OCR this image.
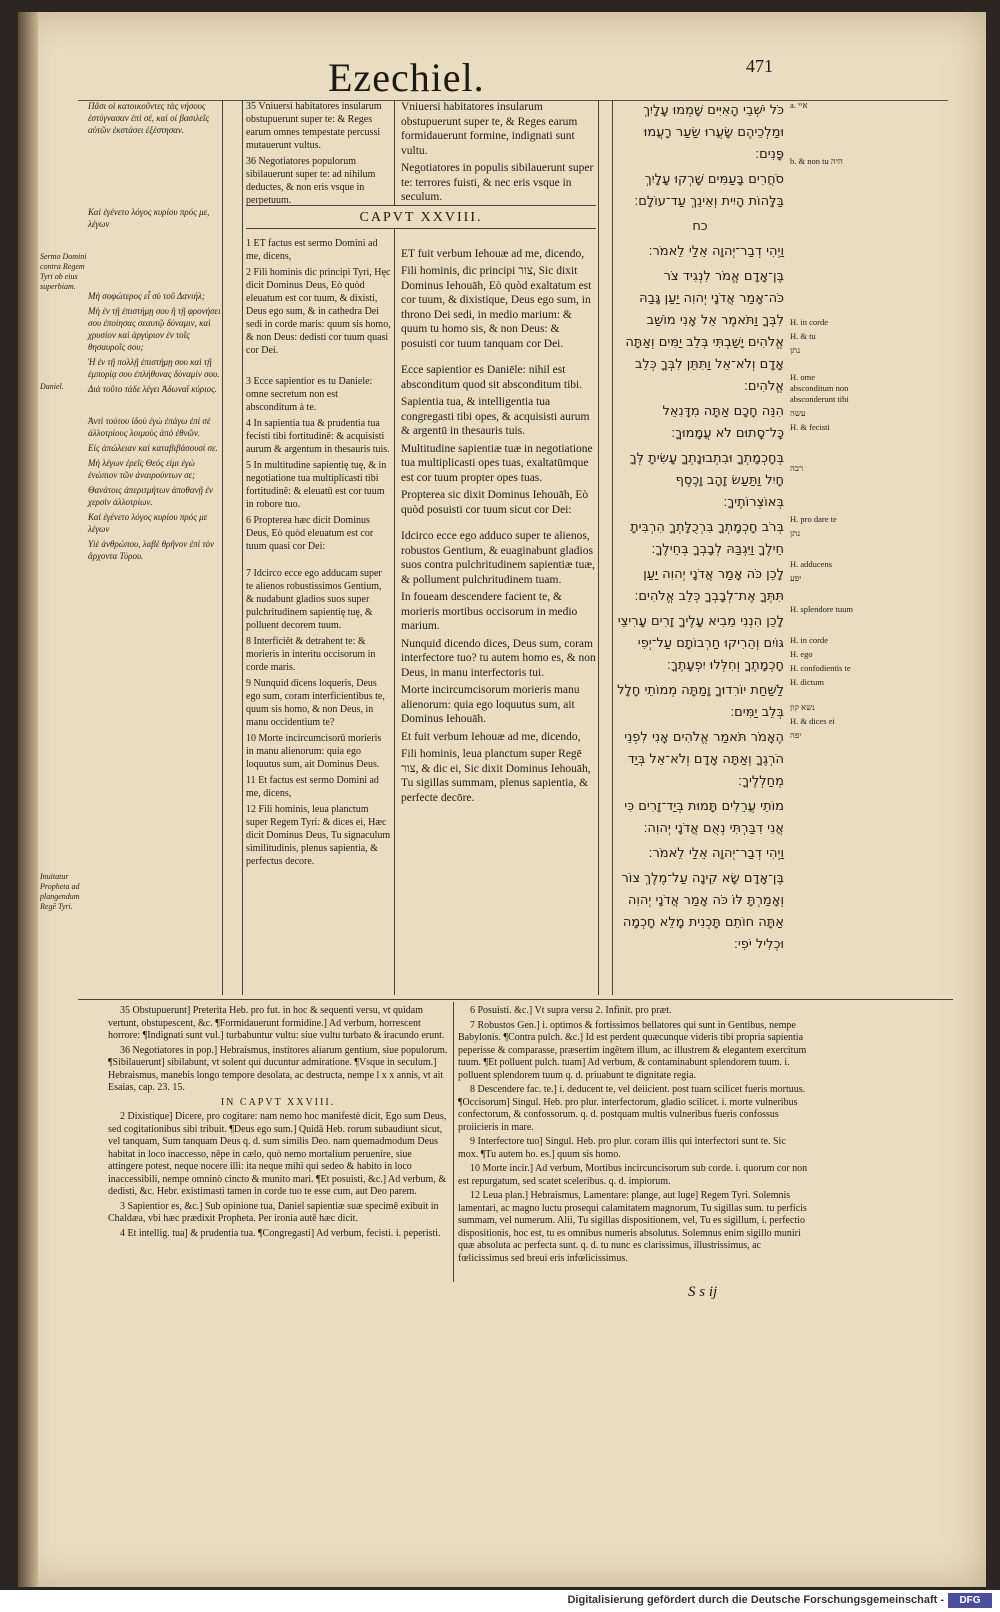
Ezechiel.	471

Sermo Domini contra Regem Tyri ob eius superbiam.

Daniel.

Inuitatur Propheta ad plangendum Regē Tyri.

Πᾶσι οἱ κατοικοῦντες τὰς νήσους ἐστύγνασαν ἐπὶ σέ, καὶ οἱ βασιλεῖς αὐτῶν ἐκστάσει ἐξέστησαν.

Καὶ ἐγένετο λόγος κυρίου πρός με, λέγων

Μὴ σοφώτερος εἶ σὺ τοῦ Δανιήλ;

Μὴ ἐν τῇ ἐπιστήμῃ σου ἢ τῇ φρονήσει σου ἐποίησας σεαυτῷ δύναμιν, καὶ χρυσίον καὶ ἀργύριον ἐν τοῖς θησαυροῖς σου;

Ἡ ἐν τῇ πολλῇ ἐπιστήμῃ σου καὶ τῇ ἐμπορίᾳ σου ἐπλήθυνας δύναμίν σου.

Διὰ τοῦτο τάδε λέγει Ἀδωναΐ κύριος.

Ἀντὶ τούτου ἰδοὺ ἐγὼ ἐπάγω ἐπὶ σὲ ἀλλοτρίους λοιμοὺς ἀπὸ ἐθνῶν.

Εἰς ἀπώλειαν καὶ καταβιβάσουσί σε.

Μὴ λέγων ἐρεῖς Θεός εἰμι ἐγὼ ἐνώπιον τῶν ἀναιρούντων σε;

Θανάτοις ἀπεριτμήτων ἀποθανῇ ἐν χερσὶν ἀλλοτρίων.

Καὶ ἐγένετο λόγος κυρίου πρός με λέγων

Υἱὲ ἀνθρώπου, λαβὲ θρῆνον ἐπὶ τὸν ἄρχοντα Τύρου.

35 Vniuersi habitatores insularum obstupuerunt super te: & Reges earum omnes tempestate percussi mutauerunt vultus.

36 Negotiatores populorum sibilauerunt super te: ad nihilum deductes, & non eris vsque in perpetuum.

1 ET factus est sermo Domini ad me, dicens,

2 Fili hominis dic principi Tyri, Hęc dicit Dominus Deus, Eò quòd eleuatum est cor tuum, & dixisti, Deus ego sum, & in cathedra Dei sedi in corde maris: quum sis homo, & non Deus: dedisti cor tuum quasi cor Dei.

3 Ecce sapientior es tu Daniele: omne secretum non est absconditum à te.

4 In sapientia tua & prudentia tua fecisti tibi fortitudinē: & acquisisti aurum & argentum in thesauris tuis.

5 In multitudine sapientię tuę, & in negotiatione tua multiplicasti tibi fortitudinē: & eleuatū est cor tuum in robore tuo.

6 Propterea hæc dicit Dominus Deus, Eò quòd eleuatum est cor tuum quasi cor Dei:

7 Idcirco ecce ego adducam super te alienos robustissimos Gentium, & nudabunt gladios suos super pulchritudinem sapientię tuę, & polluent decorem tuum.

8 Interficiēt & detrahent te: & morieris in interitu occisorum in corde maris.

9 Nunquid dicens loqueris, Deus ego sum, coram interficientibus te, quum sis homo, & non Deus, in manu occidentium te?

10 Morte incircumcisorū morieris in manu alienorum: quia ego loquutus sum, ait Dominus Deus.

11 Et factus est sermo Domini ad me, dicens,

12 Fili hominis, leua planctum super Regem Tyri: & dices ei, Hæc dicit Dominus Deus, Tu signaculum similitudinis, plenus sapientia, & perfectus decore.

CAPVT XXVIII.

Vniuersi habitatores insularum obstupuerunt super te, & Reges earum formidauerunt formine, indignati sunt vultu.

Negotiatores in populis sibilauerunt super te: terrores fuisti, & nec eris vsque in seculum.

ET fuit verbum Iehouæ ad me, dicendo,

Fili hominis, dic principi צור, Sic dixit Dominus Iehouāh, Eò quòd exaltatum est cor tuum, & dixistique, Deus ego sum, in throno Dei sedi, in medio marium: & quum tu homo sis, & non Deus: & posuisti cor tuum tanquam cor Dei.

Ecce sapientior es Daniēle: nihil est absconditum quod sit absconditum tibi.

Sapientia tua, & intelligentia tua congregasti tibi opes, & acquisisti aurum & argentū in thesauris tuis.

Multitudine sapientiæ tuæ in negotiatione tua multiplicasti opes tuas, exaltatūmque est cor tuum propter opes tuas.

Propterea sic dixit Dominus Iehouāh, Eò quòd posuisti cor tuum sicut cor Dei:

Idcirco ecce ego adduco super te alienos, robustos Gentium, & euaginabunt gladios suos contra pulchritudinem sapientiæ tuæ, & pollument pulchritudinem tuam.

In foueam descendere facient te, & morieris mortibus occisorum in medio marium.

Nunquid dicendo dices, Deus sum, coram interfectore tuo? tu autem homo es, & non Deus, in manu interfectoris tui.

Morte incircumcisorum morieris manu alienorum: quia ego loquutus sum, ait Dominus Iehouāh.

Et fuit verbum Iehouæ ad me, dicendo,

Fili hominis, leua planctum super Regē צור, & dic ei, Sic dixit Dominus Iehouāh, Tu sigillas summam, plenus sapientia, & perfecte decōre.

כֹּל יֹשְׁבֵי הָאִיִּים שָׁמְמוּ עָלָיִךְ וּמַלְכֵיהֶם שָׂעֲרוּ שַׂעַר רָעֲמוּ פָּנִים׃

סֹחֲרִים בָּעַמִּים שָׁרְקוּ עָלָיִךְ בַּלָּהוֹת הָיִית וְאֵינֵךְ עַד־עוֹלָם׃

כח

וַיְהִי דְבַר־יְהוָה אֵלַי לֵאמֹר׃

בֶּן־אָדָם אֱמֹר לִנְגִיד צֹר כֹּה־אָמַר אֲדֹנָי יְהוִה יַעַן גָּבַהּ לִבְּךָ וַתֹּאמֶר אֵל אָנִי מוֹשַׁב אֱלֹהִים יָשַׁבְתִּי בְּלֵב יַמִּים וְאַתָּה אָדָם וְלֹא־אֵל וַתִּתֵּן לִבְּךָ כְּלֵב אֱלֹהִים׃

הִנֵּה חָכָם אַתָּה מִדָּנִאֵל כָּל־סָתוּם לֹא עֲמָמוּךָ׃

בְּחָכְמָתְךָ וּבִתְבוּנָתְךָ עָשִׂיתָ לְּךָ חָיִל וַתַּעַשׂ זָהָב וָכֶסֶף בְּאוֹצְרוֹתֶיךָ׃

בְּרֹב חָכְמָתְךָ בִּרְכֻלָּתְךָ הִרְבִּיתָ חֵילֶךָ וַיִּגְבַּהּ לְבָבְךָ בְּחֵילֶךָ׃

לָכֵן כֹּה אָמַר אֲדֹנָי יְהוִה יַעַן תִּתְּךָ אֶת־לְבָבְךָ כְּלֵב אֱלֹהִים׃

לָכֵן הִנְנִי מֵבִיא עָלֶיךָ זָרִים עָרִיצֵי גּוֹיִם וְהֵרִיקוּ חַרְבוֹתָם עַל־יְפִי חָכְמָתֶךָ וְחִלְּלוּ יִפְעָתֶךָ׃

לַשַּׁחַת יוֹרִדוּךָ וָמַתָּה מְמוֹתֵי חָלָל בְּלֵב יַמִּים׃

הֶאָמֹר תֹּאמַר אֱלֹהִים אָנִי לִפְנֵי הֹרְגֶךָ וְאַתָּה אָדָם וְלֹא־אֵל בְּיַד מְחַלְלֶיךָ׃

מוֹתֵי עֲרֵלִים תָּמוּת בְּיַד־זָרִים כִּי אֲנִי דִבַּרְתִּי נְאֻם אֲדֹנָי יְהוִה׃

וַיְהִי דְבַר־יְהוָה אֵלַי לֵאמֹר׃

בֶּן־אָדָם שָׂא קִינָה עַל־מֶלֶךְ צוֹר וְאָמַרְתָּ לּוֹ כֹּה אָמַר אֲדֹנָי יְהוִה אַתָּה חוֹתֵם תָּכְנִית מָלֵא חָכְמָה וּכְלִיל יֹפִי׃

a. איי

b. & non tu היה

H. in corde

H. & tu

נתן

H. ome absconditum non absconderunt tibi

עשה

H. & fecisti

רבה

H. pro dare te

נתן

H. adducens

יפע

H. splendore tuum

H. in corde

H. ego

H. confodientis te

H. dictum

נשא קון

H. & dices ei

יפה

35 Obstupuerunt] Preterita Heb. pro fut. in hoc & sequenti versu, vt quidam vertunt, obstupescent, &c. ¶Formidauerunt formidine.] Ad verbum, horrescent horrore: ¶Indignati sunt vul.] turbabuntur vultu: siue vultu turbato & iracundo erunt.

36 Negotiatores in pop.] Hebraismus, institores aliarum gentium, siue populorum. ¶Sibilauerunt] sibilabunt, vt solent qui ducuntur admiratione. ¶Vsque in seculum.] Hebraismus, manebis longo tempore desolata, ac destructa, nempe l x x annis, vt ait Esaias, cap. 23. 15.

IN CAPVT XXVIII.

2 Dixistique] Dicere, pro cogitare: nam nemo hoc manifestè dicit, Ego sum Deus, sed cogitationibus sibi tribuit. ¶Deus ego sum.] Quidā Heb. rorum subaudiunt sicut, vel tanquam, Sum tanquam Deus q. d. sum similis Deo. nam quemadmodum Deus habitat in loco inaccesso, nēpe in cælo, quò nemo mortalium peruenire, siue attingere potest, neque nocere illi: ita neque mihi qui sedeo & habito in loco inaccessibili, nempe omninò cincto & munito mari. ¶Et posuisti, &c.] Ad verbum, & dedisti, &c. Hebr. existimasti tamen in corde tuo te esse cum, aut Deo parem.

3 Sapientior es, &c.] Sub opinione tua, Daniel sapientiæ suæ specimē exibuit in Chaldæa, vbi hæc prædixit Propheta. Per ironia autē hæc dicit.

4 Et intellig. tua] & prudentia tua. ¶Congregasti] Ad verbum, fecisti. i. peperisti.

6 Posuisti. &c.] Vt supra versu 2. Infinit. pro præt.

7 Robustos Gen.] i. optimos & fortissimos bellatores qui sunt in Gentibus, nempe Babylonis. ¶Contra pulch. &c.] Id est perdent quæcunque videris tibi propria sapientia peperisse & comparasse, præsertim ingētem illum, ac illustrem & elegantem exercitum tuum. ¶Et polluent pulch. tuam] Ad verbum, & contaminabunt splendorem tuum. i. polluent splendorem tuum q. d. priuabunt te dignitate regia.

8 Descendere fac. te.] i. deducent te, vel deiicient. post tuam scilicet fueris mortuus. ¶Occisorum] Singul. Heb. pro plur. interfectorum, gladio scilicet. i. morte vulneribus confectorum, & confossorum. q. d. postquam multis vulneribus fueris confossus proiicieris in mare.

9 Interfectore tuo] Singul. Heb. pro plur. coram illis qui interfectori sunt te. Sic mox. ¶Tu autem ho. es.] quum sis homo.

10 Morte incir.] Ad verbum, Mortibus incircuncisorum sub corde. i. quorum cor non est repurgatum, sed scatet sceleribus. q. d. impiorum.

12 Leua plan.] Hebraismus, Lamentare: plange, aut luge] Regem Tyri. Solemnis lamentari, ac magno luctu prosequi calamitatem magnorum, Tu sigillas sum. tu perficis summam, vel numerum. Alii, Tu sigillas dispositionem, vel, Tu es sigillum, i. perfectio dispositionis, hoc est, tu es omnibus numeris absolutus. Solemnus enim sigillo muniri quæ absoluta ac perfecta sunt. q. d. tu nunc es clarissimus, illustrissimus, ac fœlicissimus sed breui eris infœlicissimus.

S s ij
Digitalisierung gefördert durch die Deutsche Forschungsgemeinschaft -	DFG
